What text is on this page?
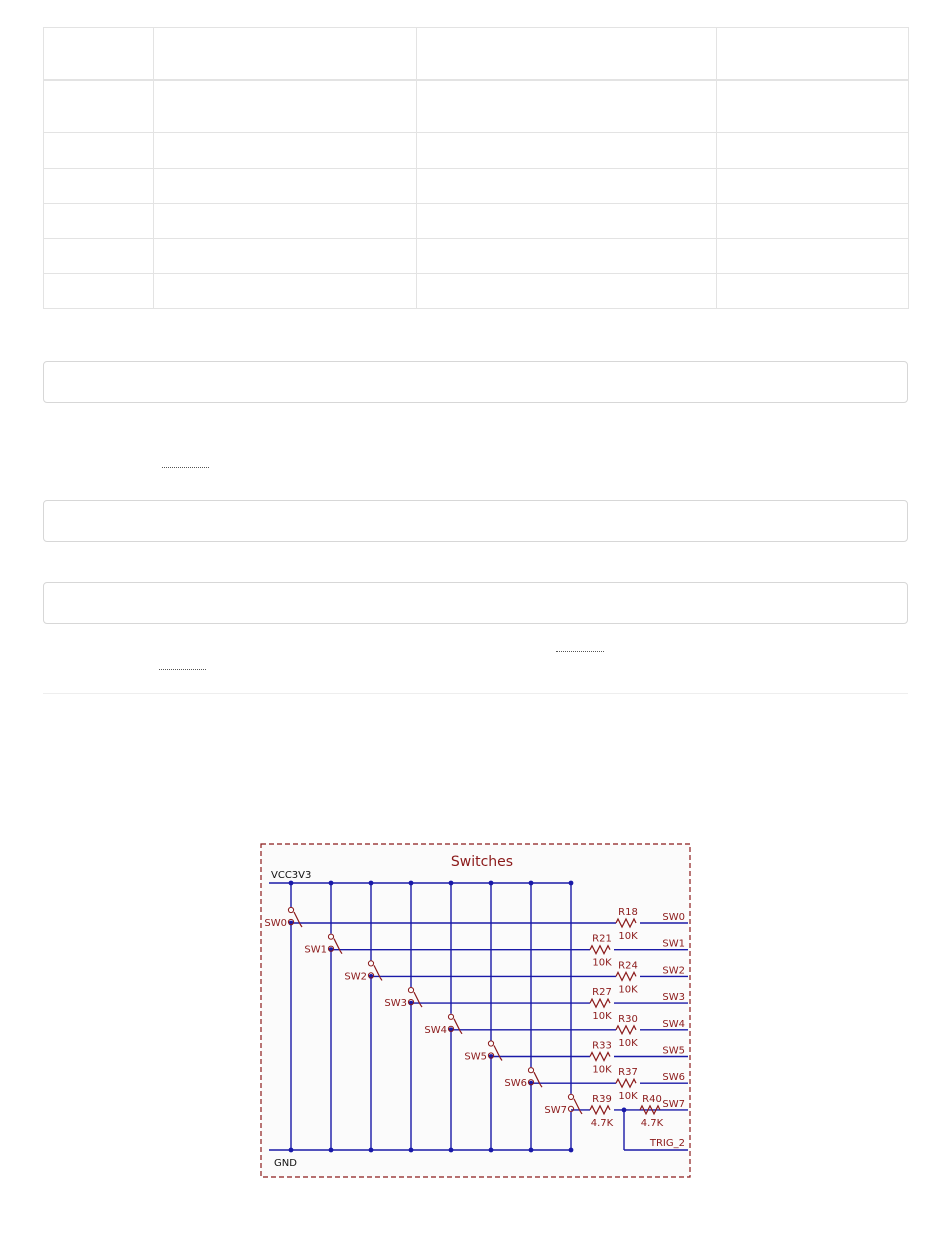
Switches
VCC3V3
GND
SW0
R18
10K
SW0
SW1
R21
10K
SW1
SW2
R24
10K
SW2
SW3
R27
10K
SW3
SW4
R30
10K
SW4
SW5
R33
10K
SW5
SW6
R37
10K
SW6
SW7
R39
4.7K
SW7
R40
4.7K
TRIG_2
